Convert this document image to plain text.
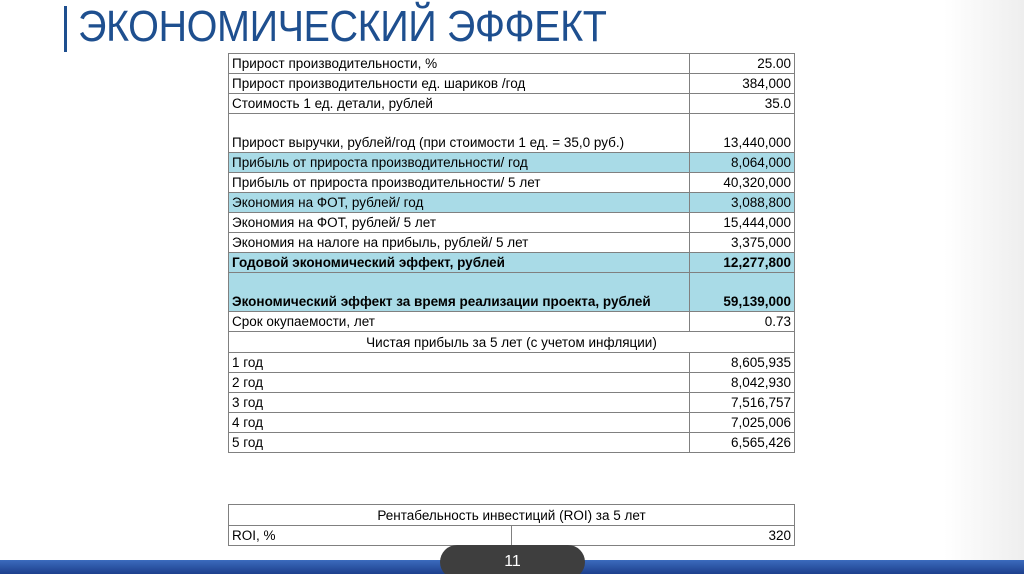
ЭКОНОМИЧЕСКИЙ ЭФФЕКТ
Прирост производительности, %	25.00
Прирост производительности ед. шариков /год	384,000
Стоимость 1 ед. детали, рублей	35.0
Прирост выручки, рублей/год (при стоимости 1 ед. = 35,0 руб.)	13,440,000
Прибыль от прироста производительности/ год	8,064,000
Прибыль от прироста производительности/ 5 лет	40,320,000
Экономия на ФОТ, рублей/ год	3,088,800
Экономия на ФОТ, рублей/ 5 лет	15,444,000
Экономия на налоге на прибыль, рублей/ 5 лет	3,375,000
Годовой экономический эффект, рублей	12,277,800
Экономический эффект за время реализации проекта, рублей	59,139,000
Срок окупаемости, лет	0.73
Чистая прибыль за 5 лет (с учетом инфляции)	
1 год	8,605,935
2 год	8,042,930
3 год	7,516,757
4 год	7,025,006
5 год	6,565,426
Рентабельность инвестиций (ROI) за 5 лет
ROI, %	320
11
